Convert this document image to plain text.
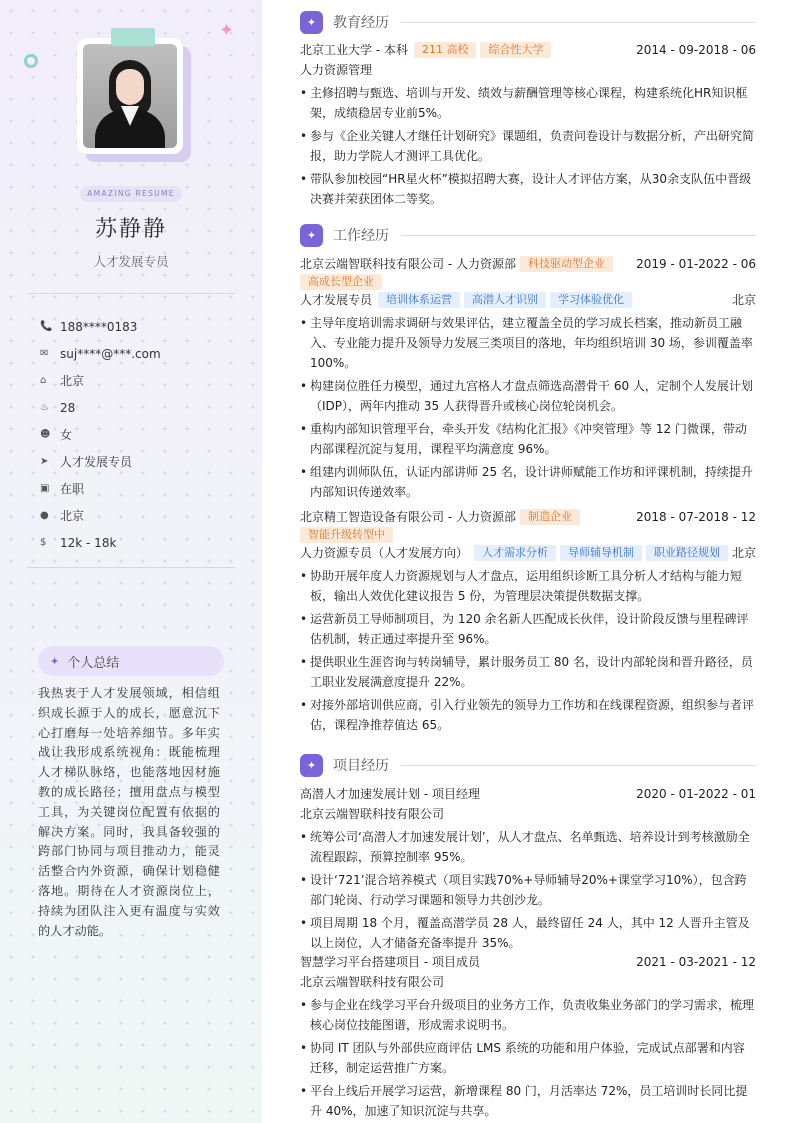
✦
AMAZING RESUME
苏静静
人才发展专员
📞 188****0183
✉ suj****@***.com
⌂	北京
♨ 28
☻ 女
➤ 人才发展专员
▣ 在职
● 北京
$	12k - 18k
✦ 个人总结
我热衷于人才发展领域，相信组织成长源于人的成长，愿意沉下心打磨每一处培养细节。多年实战让我形成系统视角：既能梳理人才梯队脉络，也能落地因材施教的成长路径；擅用盘点与模型工具，为关键岗位配置有依据的解决方案。同时，我具备较强的跨部门协同与项目推动力，能灵活整合内外资源，确保计划稳健落地。期待在人才资源岗位上，持续为团队注入更有温度与实效的人才动能。
✦	教育经历
北京工业大学 - 本科	211 高校	综合性大学	2014 - 09-2018 - 06
人力资源管理
• 主修招聘与甄选、培训与开发、绩效与薪酬管理等核心课程，构建系统化HR知识框架，成绩稳居专业前5%。
• 参与《企业关键人才继任计划研究》课题组，负责问卷设计与数据分析，产出研究简报，助力学院人才测评工具优化。
• 带队参加校园“HR星火杯”模拟招聘大赛，设计人才评估方案，从30余支队伍中晋级决赛并荣获团体二等奖。
✦	工作经历
北京云端智联科技有限公司 - 人力资源部	科技驱动型企业	2019 - 01-2022 - 06
高成长型企业
人才发展专员	培训体系运营	高潜人才识别	学习体验优化	北京
• 主导年度培训需求调研与效果评估，建立覆盖全员的学习成长档案，推动新员工融入、专业能力提升及领导力发展三类项目的落地，年均组织培训 30 场，参训覆盖率 100%。
• 构建岗位胜任力模型，通过九宫格人才盘点筛选高潜骨干 60 人，定制个人发展计划（IDP），两年内推动 35 人获得晋升或核心岗位轮岗机会。
• 重构内部知识管理平台，牵头开发《结构化汇报》《冲突管理》等 12 门微课，带动内部课程沉淀与复用，课程平均满意度 96%。
• 组建内训师队伍，认证内部讲师 25 名，设计讲师赋能工作坊和评课机制，持续提升内部知识传递效率。
北京精工智造设备有限公司 - 人力资源部	制造企业	2018 - 07-2018 - 12
智能升级转型中
人力资源专员（人才发展方向）	人才需求分析	导师辅导机制	职业路径规划 北京
• 协助开展年度人力资源规划与人才盘点，运用组织诊断工具分析人才结构与能力短板，输出人效优化建议报告 5 份，为管理层决策提供数据支撑。
• 运营新员工导师制项目，为 120 余名新人匹配成长伙伴，设计阶段反馈与里程碑评估机制，转正通过率提升至 96%。
• 提供职业生涯咨询与转岗辅导，累计服务员工 80 名，设计内部轮岗和晋升路径，员工职业发展满意度提升 22%。
• 对接外部培训供应商，引入行业领先的领导力工作坊和在线课程资源，组织参与者评估，课程净推荐值达 65。
✦	项目经历
高潜人才加速发展计划 - 项目经理	2020 - 01-2022 - 01
北京云端智联科技有限公司
• 统筹公司‘高潜人才加速发展计划’，从人才盘点、名单甄选、培养设计到考核激励全流程跟踪，预算控制率 95%。
• 设计‘721’混合培养模式（项目实践70%+导师辅导20%+课堂学习10%），包含跨部门轮岗、行动学习课题和领导力共创沙龙。
• 项目周期 18 个月，覆盖高潜学员 28 人，最终留任 24 人，其中 12 人晋升主管及以上岗位，人才储备充备率提升 35%。
智慧学习平台搭建项目 - 项目成员	2021 - 03-2021 - 12
北京云端智联科技有限公司
• 参与企业在线学习平台升级项目的业务方工作，负责收集业务部门的学习需求，梳理核心岗位技能图谱，形成需求说明书。
• 协同 IT 团队与外部供应商评估 LMS 系统的功能和用户体验，完成试点部署和内容迁移，制定运营推广方案。
• 平台上线后开展学习运营，新增课程 80 门，月活率达 72%，员工培训时长同比提升 40%，加速了知识沉淀与共享。
